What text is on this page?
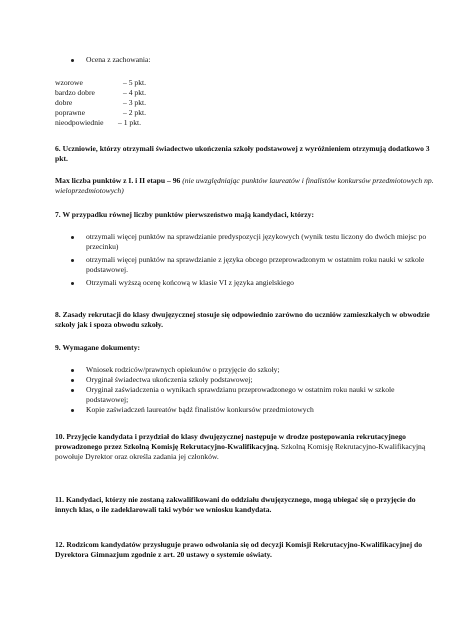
Ocena z zachowania:
wzorowe	– 5 pkt.
bardzo dobre	– 4 pkt.
dobre	– 3 pkt.
poprawne	– 2 pkt.
nieodpowiednie – 1 pkt.

6. Uczniowie, którzy otrzymali świadectwo ukończenia szkoły podstawowej z wyróżnieniem otrzymują dodatkowo 3 pkt.

Max liczba punktów z I. i II etapu – 96 (nie uwzględniając punktów laureatów i finalistów konkursów przedmiotowych np. wieloprzedmiotowych)

7. W przypadku równej liczby punktów pierwszeństwo mają kandydaci, którzy:

otrzymali więcej punktów na sprawdzianie predyspozycji językowych (wynik testu liczony do dwóch miejsc po przecinku)
otrzymali więcej punktów na sprawdzianie z języka obcego przeprowadzonym w ostatnim roku nauki w szkole podstawowej.
Otrzymali wyższą ocenę końcową w klasie VI z języka angielskiego

8. Zasady rekrutacji do klasy dwujęzycznej stosuje się odpowiednio zarówno do uczniów zamieszkałych w obwodzie szkoły jak i spoza obwodu szkoły.

9. Wymagane dokumenty:

Wniosek rodziców/prawnych opiekunów o przyjęcie do szkoły;
Oryginał świadectwa ukończenia szkoły podstawowej;
Oryginał zaświadczenia o wynikach sprawdzianu przeprowadzonego w ostatnim roku nauki w szkole podstawowej;
Kopie zaświadczeń laureatów bądź finalistów konkursów przedmiotowych

10. Przyjęcie kandydata i przydział do klasy dwujęzycznej następuje w drodze postępowania rekrutacyjnego prowadzonego przez Szkolną Komisję Rekrutacyjno-Kwalifikacyjną. Szkolną Komisję Rekrutacyjno-Kwalifikacyjną powołuje Dyrektor oraz określa zadania jej członków.

11. Kandydaci, którzy nie zostaną zakwalifikowani do oddziału dwujęzycznego, mogą ubiegać się o przyjęcie do innych klas, o ile zadeklarowali taki wybór we wniosku kandydata.

12. Rodzicom kandydatów przysługuje prawo odwołania się od decyzji Komisji Rekrutacyjno-Kwalifikacyjnej do Dyrektora Gimnazjum zgodnie z art. 20 ustawy o systemie oświaty.
